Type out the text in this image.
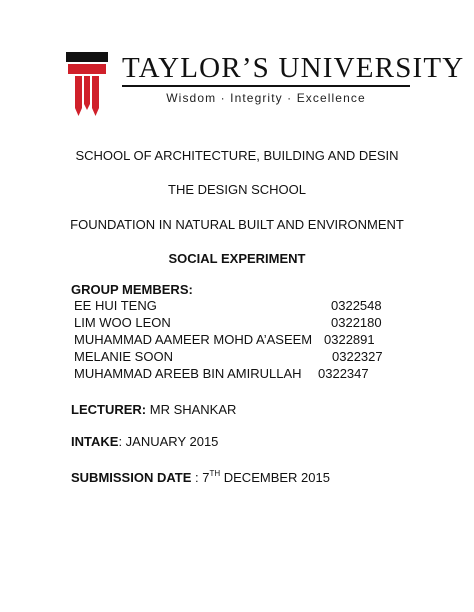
TAYLOR’S UNIVERSITY
Wisdom · Integrity · Excellence
SCHOOL OF ARCHITECTURE, BUILDING AND DESIN
THE DESIGN SCHOOL
FOUNDATION IN NATURAL BUILT AND ENVIRONMENT
SOCIAL EXPERIMENT
GROUP MEMBERS:
EE HUI TENG	0322548
LIM WOO LEON	0322180
MUHAMMAD AAMEER MOHD A’ASEEM 0322891
MELANIE SOON	0322327
MUHAMMAD AREEB BIN AMIRULLAH 0322347
LECTURER: MR SHANKAR
INTAKE: JANUARY 2015
SUBMISSION DATE : 7TH DECEMBER 2015
